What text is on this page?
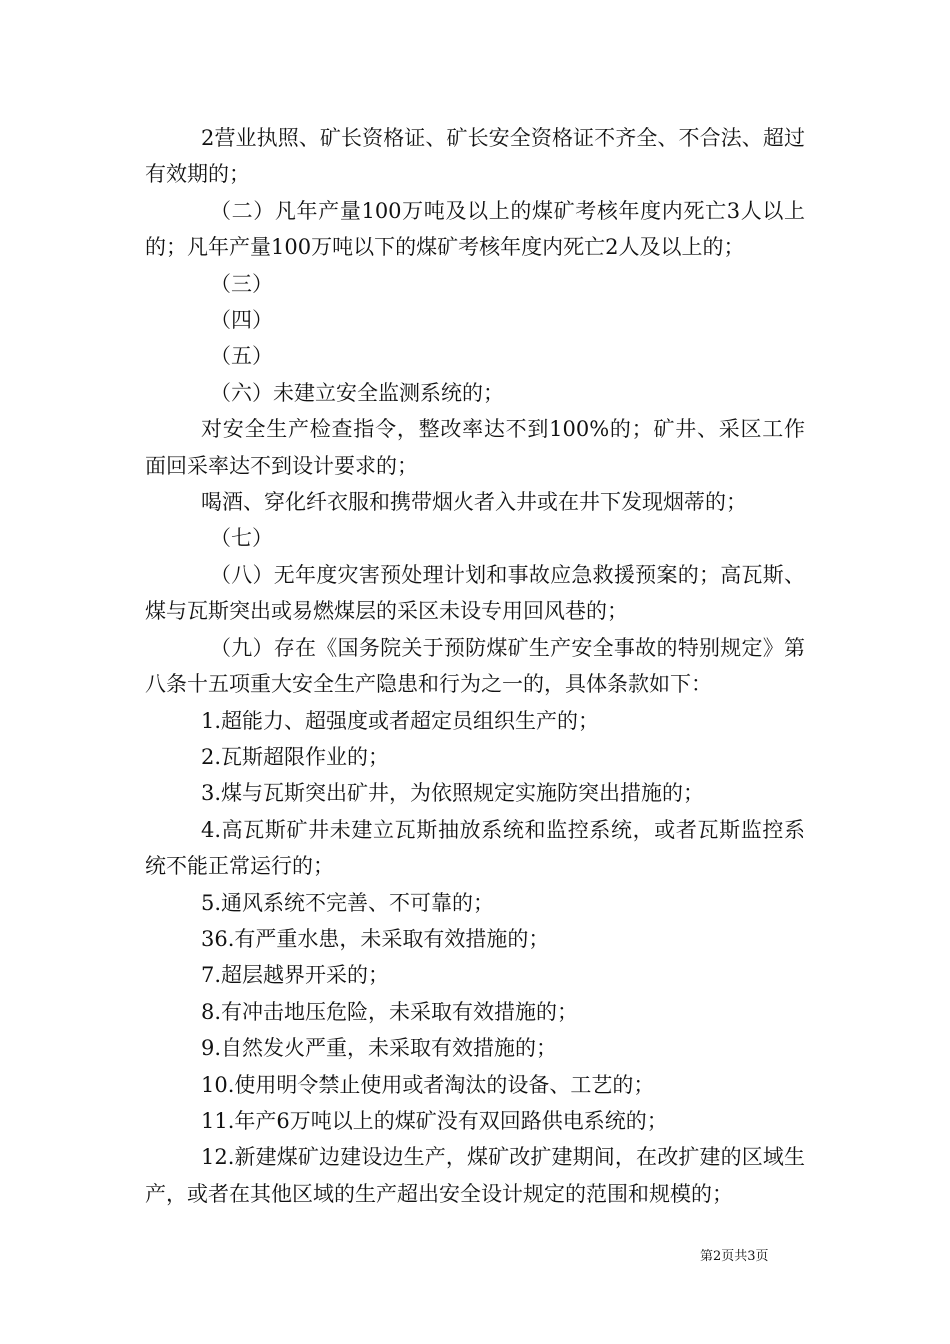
2营业执照、矿长资格证、矿长安全资格证不齐全、不合法、超过有效期的；

（二）凡年产量100万吨及以上的煤矿考核年度内死亡3人以上的；凡年产量100万吨以下的煤矿考核年度内死亡2人及以上的；

（三）

（四）

（五）

（六）未建立安全监测系统的；

对安全生产检查指令，整改率达不到100%的；矿井、采区工作面回采率达不到设计要求的；

喝酒、穿化纤衣服和携带烟火者入井或在井下发现烟蒂的；

（七）

（八）无年度灾害预处理计划和事故应急救援预案的；高瓦斯、煤与瓦斯突出或易燃煤层的采区未设专用回风巷的；

（九）存在《国务院关于预防煤矿生产安全事故的特别规定》第八条十五项重大安全生产隐患和行为之一的，具体条款如下：

1.超能力、超强度或者超定员组织生产的；

2.瓦斯超限作业的；

3.煤与瓦斯突出矿井，为依照规定实施防突出措施的；

4.高瓦斯矿井未建立瓦斯抽放系统和监控系统，或者瓦斯监控系统不能正常运行的；

5.通风系统不完善、不可靠的；

36.有严重水患，未采取有效措施的；

7.超层越界开采的；

8.有冲击地压危险，未采取有效措施的；

9.自然发火严重，未采取有效措施的；

10.使用明令禁止使用或者淘汰的设备、工艺的；

11.年产6万吨以上的煤矿没有双回路供电系统的；

12.新建煤矿边建设边生产，煤矿改扩建期间，在改扩建的区域生产，或者在其他区域的生产超出安全设计规定的范围和规模的；

第2页共3页
